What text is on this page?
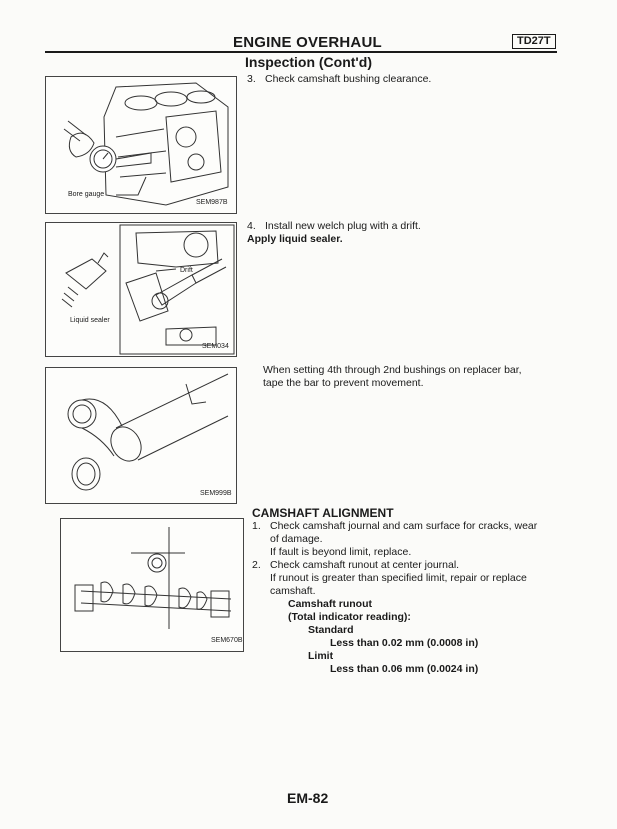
ENGINE OVERHAUL	TD27T
Inspection (Cont'd)
Bore gauge
SEM987B
Drift
Liquid sealer
SEM034
SEM999B
SEM670B
3. Check camshaft bushing clearance.
4. Install new welch plug with a drift.
Apply liquid sealer.
When setting 4th through 2nd bushings on replacer bar,
tape the bar to prevent movement.
CAMSHAFT ALIGNMENT
1. Check camshaft journal and cam surface for cracks, wear
of damage.
If fault is beyond limit, replace.
2. Check camshaft runout at center journal.
If runout is greater than specified limit, repair or replace
camshaft.
Camshaft runout
(Total indicator reading):
Standard
Less than 0.02 mm (0.0008 in)
Limit
Less than 0.06 mm (0.0024 in)
EM-82
